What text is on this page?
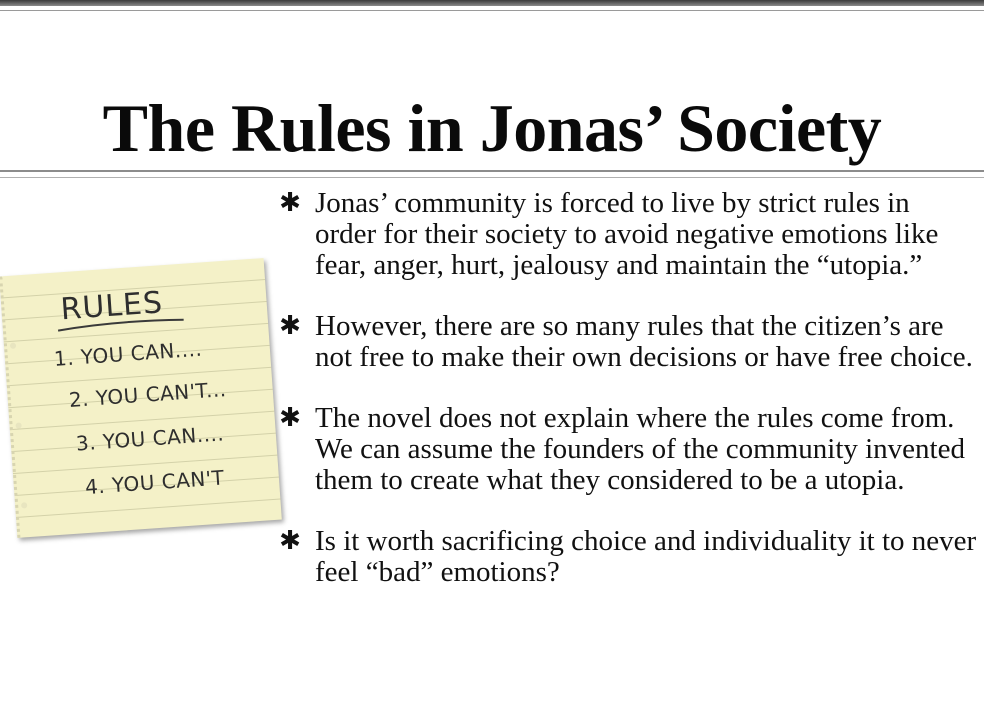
The Rules in Jonas’ Society
RULES
1. YOU CAN....
2. YOU CAN'T...
3. YOU CAN....
4. YOU CAN'T
✱ Jonas’ community is forced to live by strict rules in order for their society to avoid negative emotions like fear, anger, hurt, jealousy and maintain the “utopia.”
✱ However, there are so many rules that the citizen’s are not free to make their own decisions or have free choice.
✱ The novel does not explain where the rules come from. We can assume the founders of the community invented them to create what they considered to be a utopia.
✱ Is it worth sacrificing choice and individuality it to never feel “bad” emotions?
